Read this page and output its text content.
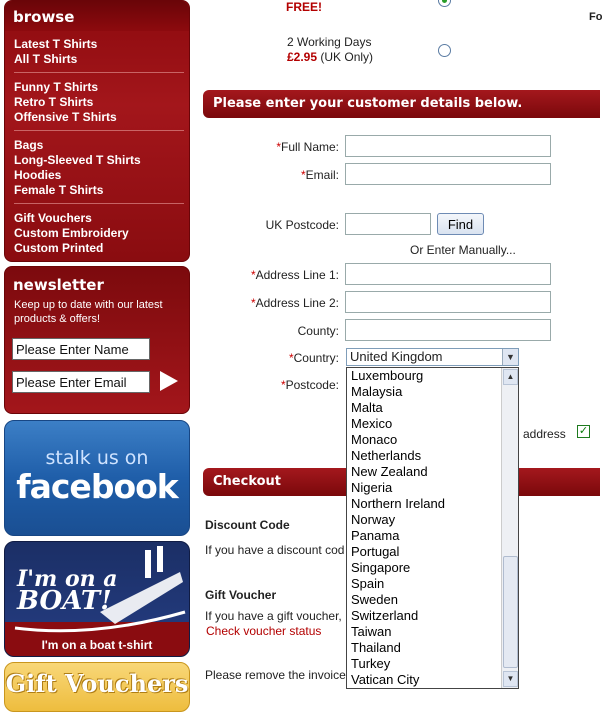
browse
Latest T Shirts
All T Shirts
Funny T Shirts
Retro T Shirts
Offensive T Shirts
Bags
Long-Sleeved T Shirts
Hoodies
Female T Shirts
Gift Vouchers
Custom Embroidery
Custom Printed
newsletter
Keep up to date with our latest products & offers!
Please Enter Name
Please Enter Email
stalk us on
facebook
I'm on a
BOAT!
I'm on a boat t-shirt
Gift Vouchers
FREE!
Fo
2 Working Days
£2.95 (UK Only)
Please enter your customer details below.
*Full Name:
*Email:
UK Postcode:	Find
Or Enter Manually...
*Address Line 1:
*Address Line 2:
County:
*Country: United Kingdom	▼
*Postcode:
address ✓
Checkout
Discount Code
If you have a discount cod
Gift Voucher
If you have a gift voucher,
Check voucher status
Please remove the invoice
Luxembourg
Malaysia
Malta
Mexico
Monaco
Netherlands
New Zealand
Nigeria
Northern Ireland
Norway
Panama
Portugal
Singapore
Spain
Sweden
Switzerland
Taiwan
Thailand
Turkey
Vatican City
▲
▼
